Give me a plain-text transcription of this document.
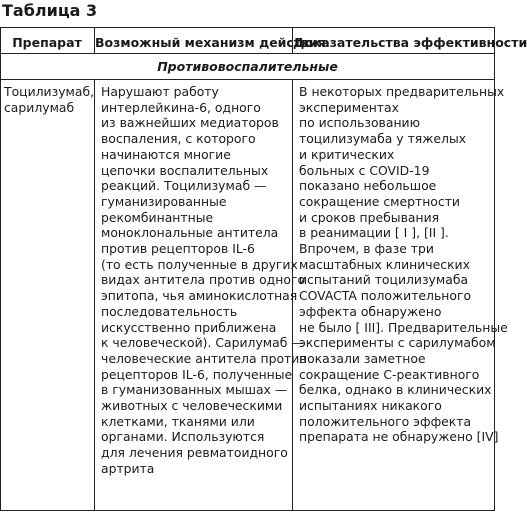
Таблица 3
Препарат	Возможный механизм действия
Доказательства эффективности
Противовоспалительные
Тоцилизумаб,
сарилумаб
Нарушают работу
интерлейкина-6, одного
из важнейших медиаторов
воспаления, с которого
начинаются многие
цепочки воспалительных
реакций. Тоцилизумаб —
гуманизированные
рекомбинантные
моноклональные антитела
против рецепторов IL-6
(то есть полученные в других
видах антитела против одного
эпитопа, чья аминокислотная
последовательность
искусственно приближена
к человеческой). Сарилумаб —
человеческие антитела против
рецепторов IL-6, полученные
в гуманизованных мышах —
животных с человеческими
клетками, тканями или
органами. Используются
для лечения ревматоидного
артрита
В некоторых предварительных
экспериментах
по использованию
тоцилизумаба у тяжелых
и критических
больных с COVID-19
показано небольшое
сокращение смертности
и сроков пребывания
в реанимации [ I ], [II ].
Впрочем, в фазе три
масштабных клинических
испытаний тоцилизумаба
COVACTA положительного
эффекта обнаружено
не было [ III]. Предварительные
эксперименты с сарилумабом
показали заметное
сокращение С-реактивного
белка, однако в клинических
испытаниях никакого
положительного эффекта
препарата не обнаружено [IV]
